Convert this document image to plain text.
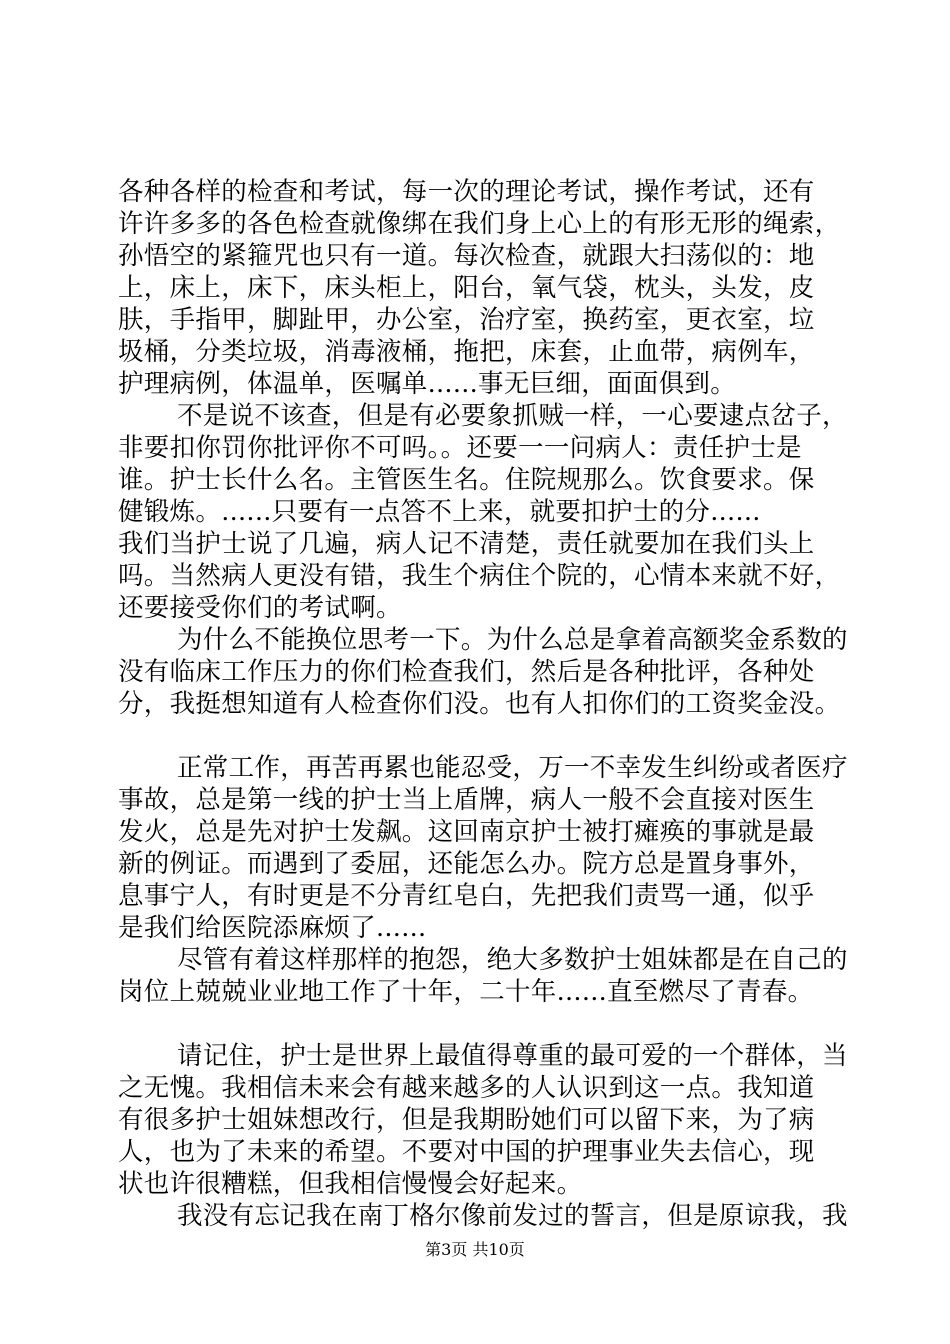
各种各样的检查和考试，每一次的理论考试，操作考试，还有
许许多多的各色检查就像绑在我们身上心上的有形无形的绳索，
孙悟空的紧箍咒也只有一道。每次检查，就跟大扫荡似的：地
上，床上，床下，床头柜上，阳台，氧气袋，枕头，头发，皮
肤，手指甲，脚趾甲，办公室，治疗室，换药室，更衣室，垃
圾桶，分类垃圾，消毒液桶，拖把，床套，止血带，病例车，
护理病例，体温单，医嘱单......事无巨细，面面俱到。
不是说不该查，但是有必要象抓贼一样，一心要逮点岔子，
非要扣你罚你批评你不可吗。。还要一一问病人：责任护士是
谁。护士长什么名。主管医生名。住院规那么。饮食要求。保
健锻炼。......只要有一点答不上来，就要扣护士的分......
我们当护士说了几遍，病人记不清楚，责任就要加在我们头上
吗。当然病人更没有错，我生个病住个院的，心情本来就不好，
还要接受你们的考试啊。
为什么不能换位思考一下。为什么总是拿着高额奖金系数的
没有临床工作压力的你们检查我们，然后是各种批评，各种处
分，我挺想知道有人检查你们没。也有人扣你们的工资奖金没。
正常工作，再苦再累也能忍受，万一不幸发生纠纷或者医疗
事故，总是第一线的护士当上盾牌，病人一般不会直接对医生
发火，总是先对护士发飙。这回南京护士被打瘫痪的事就是最
新的例证。而遇到了委屈，还能怎么办。院方总是置身事外，
息事宁人，有时更是不分青红皂白，先把我们责骂一通，似乎
是我们给医院添麻烦了......
尽管有着这样那样的抱怨，绝大多数护士姐妹都是在自己的
岗位上兢兢业业地工作了十年，二十年......直至燃尽了青春。
请记住，护士是世界上最值得尊重的最可爱的一个群体，当
之无愧。我相信未来会有越来越多的人认识到这一点。我知道
有很多护士姐妹想改行，但是我期盼她们可以留下来，为了病
人，也为了未来的希望。不要对中国的护理事业失去信心，现
状也许很糟糕，但我相信慢慢会好起来。
我没有忘记我在南丁格尔像前发过的誓言，但是原谅我，我
第3页 共10页
